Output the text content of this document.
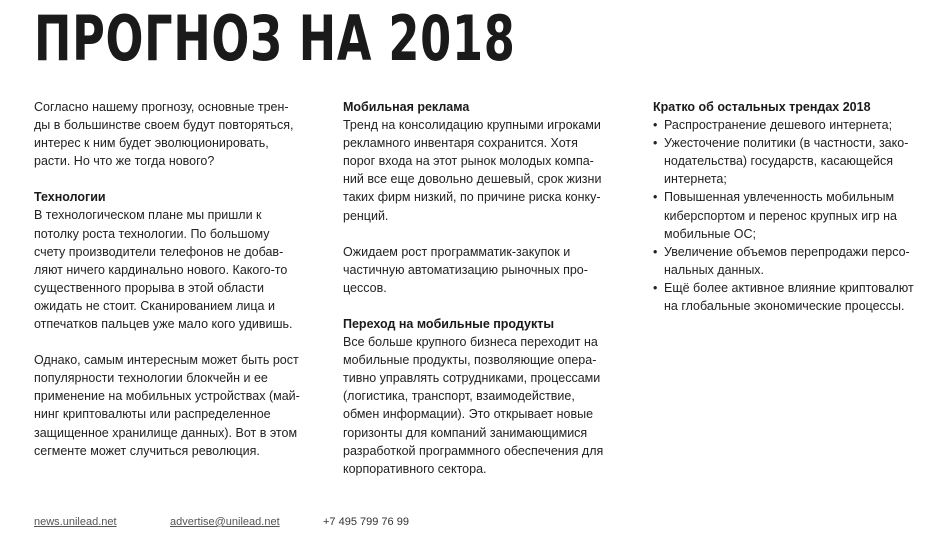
ПРОГНОЗ НА 2018

Согласно нашему прогнозу, основные трен-
ды в большинстве своем будут повторяться,
интерес к ним будет эволюционировать,
расти. Но что же тогда нового?

Технологии

В технологическом плане мы пришли к
потолку роста технологии. По большому
счету производители телефонов не добав-
ляют ничего кардинально нового. Какого-то
существенного прорыва в этой области
ожидать не стоит. Сканированием лица и
отпечатков пальцев уже мало кого удивишь.

Однако, самым интересным может быть рост
популярности технологии блокчейн и ее
применение на мобильных устройствах (май-
нинг криптовалюты или распределенное
защищенное хранилище данных). Вот в этом
сегменте может случиться революция.

Мобильная реклама

Тренд на консолидацию крупными игроками
рекламного инвентаря сохранится. Хотя
порог входа на этот рынок молодых компа-
ний все еще довольно дешевый, срок жизни
таких фирм низкий, по причине риска конку-
ренций.

Ожидаем рост программатик-закупок и
частичную автоматизацию рыночных про-
цессов.

Переход на мобильные продукты

Все больше крупного бизнеса переходит на
мобильные продукты, позволяющие опера-
тивно управлять сотрудниками, процессами
(логистика, транспорт, взаимодействие,
обмен информации). Это открывает новые
горизонты для компаний занимающимися
разработкой программного обеспечения для
корпоративного сектора.

Кратко об остальных трендах 2018
• Распространение дешевого интернета;
• Ужесточение политики (в частности, зако-
нодательства) государств, касающейся
интернета;
• Повышенная увлеченность мобильным
киберспортом и перенос крупных игр на
мобильные ОС;
• Увеличение объемов перепродажи персо-
нальных данных.
• Ещё более активное влияние криптовалют
на глобальные экономические процессы.
news.unilead.net	advertise@unilead.net	+7 495 799 76 99
